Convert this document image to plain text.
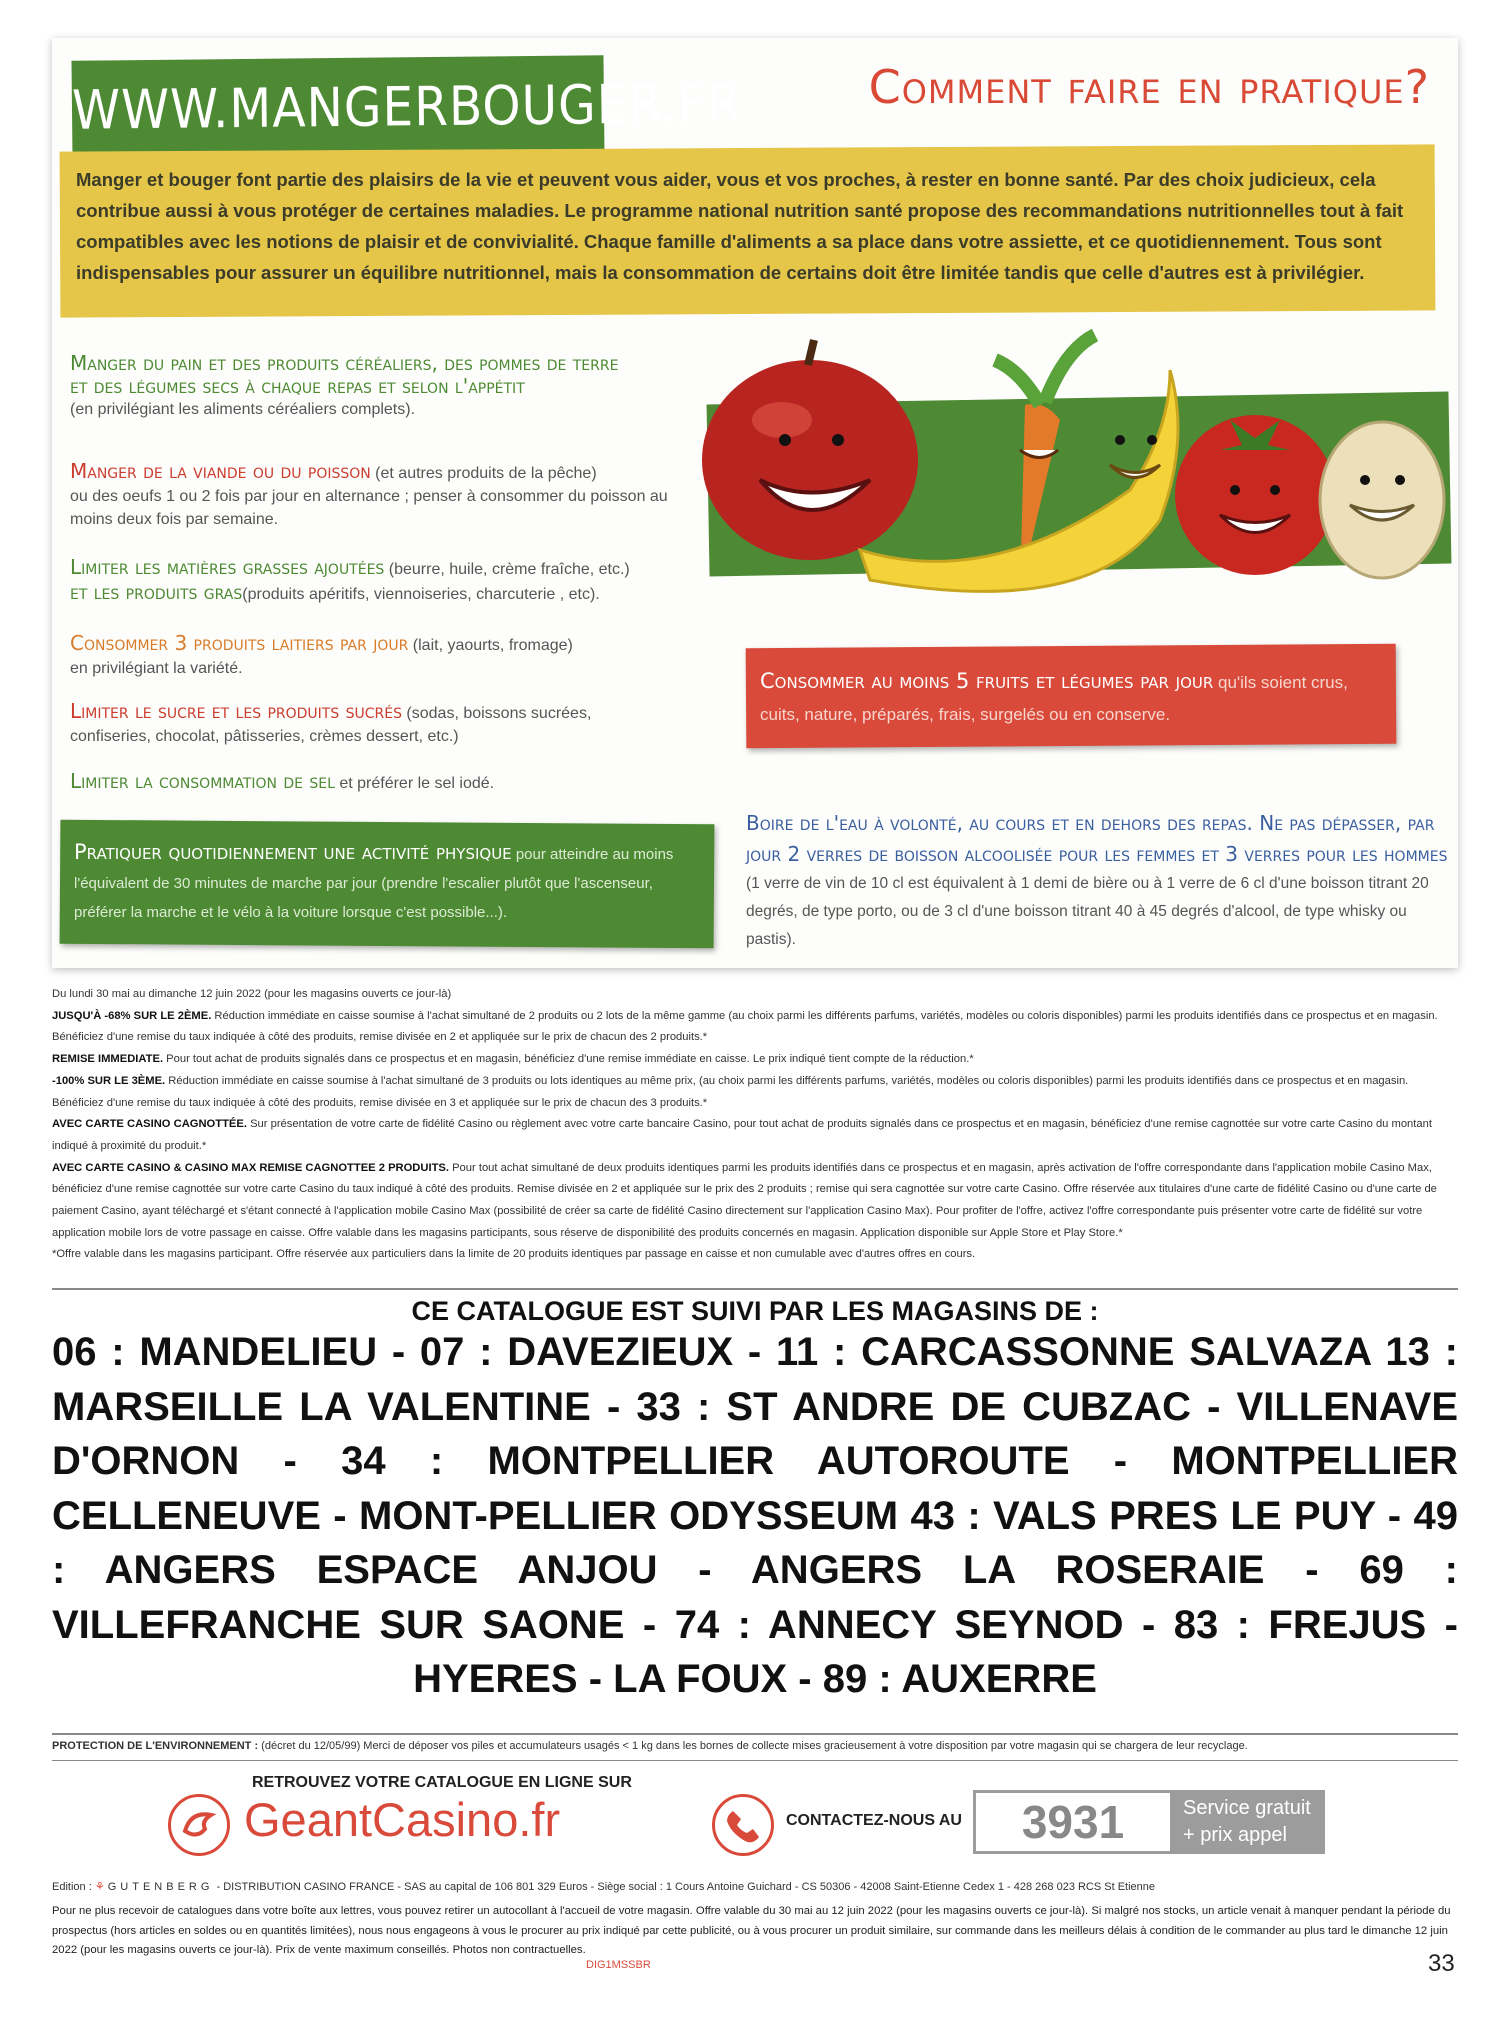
WWW.MANGERBOUGER.FR	Comment faire en pratique?
Manger et bouger font partie des plaisirs de la vie et peuvent vous aider, vous et vos proches, à rester en bonne santé. Par des choix judicieux, cela contribue aussi à vous protéger de certaines maladies. Le programme national nutrition santé propose des recommandations nutritionnelles tout à fait compatibles avec les notions de plaisir et de convivialité. Chaque famille d'aliments a sa place dans votre assiette, et ce quotidiennement. Tous sont indispensables pour assurer un équilibre nutritionnel, mais la consommation de certains doit être limitée tandis que celle d'autres est à privilégier.
Manger du pain et des produits céréaliers, des pommes de terre
et des légumes secs à chaque repas et selon l'appétit
(en privilégiant les aliments céréaliers complets).
Manger de la viande ou du poisson (et autres produits de la pêche)
ou des oeufs 1 ou 2 fois par jour en alternance ; penser à consommer du poisson au moins deux fois par semaine.
Limiter les matières grasses ajoutées (beurre, huile, crème fraîche, etc.)
et les produits gras(produits apéritifs, viennoiseries, charcuterie , etc).
Consommer 3 produits laitiers par jour (lait, yaourts, fromage)
en privilégiant la variété.
Limiter le sucre et les produits sucrés (sodas, boissons sucrées,
confiseries, chocolat, pâtisseries, crèmes dessert, etc.)
Limiter la consommation de sel et préférer le sel iodé.
Consommer au moins 5 fruits et légumes par jour qu'ils soient crus, cuits, nature, préparés, frais, surgelés ou en conserve.
Pratiquer quotidiennement une activité physique pour atteindre au moins l'équivalent de 30 minutes de marche par jour (prendre l'escalier plutôt que l'ascenseur, préférer la marche et le vélo à la voiture lorsque c'est possible...).
Boire de l'eau à volonté, au cours et en dehors des repas. Ne pas dépasser, par jour 2 verres de boisson alcoolisée pour les femmes et 3 verres pour les hommes
(1 verre de vin de 10 cl est équivalent à 1 demi de bière ou à 1 verre de 6 cl d'une boisson titrant 20 degrés, de type porto, ou de 3 cl d'une boisson titrant 40 à 45 degrés d'alcool, de type whisky ou pastis).
Du lundi 30 mai au dimanche 12 juin 2022 (pour les magasins ouverts ce jour-là)
JUSQU'À -68% SUR LE 2ÈME. Réduction immédiate en caisse soumise à l'achat simultané de 2 produits ou 2 lots de la même gamme (au choix parmi les différents parfums, variétés, modèles ou coloris disponibles) parmi les produits identifiés dans ce prospectus et en magasin. Bénéficiez d'une remise du taux indiquée à côté des produits, remise divisée en 2 et appliquée sur le prix de chacun des 2 produits.*
REMISE IMMEDIATE. Pour tout achat de produits signalés dans ce prospectus et en magasin, bénéficiez d'une remise immédiate en caisse. Le prix indiqué tient compte de la réduction.*
-100% SUR LE 3ÈME. Réduction immédiate en caisse soumise à l'achat simultané de 3 produits ou lots identiques au même prix, (au choix parmi les différents parfums, variétés, modèles ou coloris disponibles) parmi les produits identifiés dans ce prospectus et en magasin. Bénéficiez d'une remise du taux indiquée à côté des produits, remise divisée en 3 et appliquée sur le prix de chacun des 3 produits.*
AVEC CARTE CASINO CAGNOTTÉE. Sur présentation de votre carte de fidélité Casino ou règlement avec votre carte bancaire Casino, pour tout achat de produits signalés dans ce prospectus et en magasin, bénéficiez d'une remise cagnottée sur votre carte Casino du montant indiqué à proximité du produit.*
AVEC CARTE CASINO & CASINO MAX REMISE CAGNOTTEE 2 PRODUITS. Pour tout achat simultané de deux produits identiques parmi les produits identifiés dans ce prospectus et en magasin, après activation de l'offre correspondante dans l'application mobile Casino Max, bénéficiez d'une remise cagnottée sur votre carte Casino du taux indiqué à côté des produits. Remise divisée en 2 et appliquée sur le prix des 2 produits ; remise qui sera cagnottée sur votre carte Casino. Offre réservée aux titulaires d'une carte de fidélité Casino ou d'une carte de paiement Casino, ayant téléchargé et s'étant connecté à l'application mobile Casino Max (possibilité de créer sa carte de fidélité Casino directement sur l'application Casino Max). Pour profiter de l'offre, activez l'offre correspondante puis présenter votre carte de fidélité sur votre application mobile lors de votre passage en caisse. Offre valable dans les magasins participants, sous réserve de disponibilité des produits concernés en magasin. Application disponible sur Apple Store et Play Store.*
*Offre valable dans les magasins participant. Offre réservée aux particuliers dans la limite de 20 produits identiques par passage en caisse et non cumulable avec d'autres offres en cours.
CE CATALOGUE EST SUIVI PAR LES MAGASINS DE :
06 : MANDELIEU - 07 : DAVEZIEUX - 11 : CARCASSONNE SALVAZA 13 : MARSEILLE LA VALENTINE - 33 : ST ANDRE DE CUBZAC - VILLENAVE D'ORNON - 34 : MONTPELLIER AUTOROUTE - MONTPELLIER CELLENEUVE - MONT-PELLIER ODYSSEUM 43 : VALS PRES LE PUY - 49 : ANGERS ESPACE ANJOU - ANGERS LA ROSERAIE - 69 : VILLEFRANCHE SUR SAONE - 74 : ANNECY SEYNOD - 83 : FREJUS - HYERES - LA FOUX - 89 : AUXERRE
PROTECTION DE L'ENVIRONNEMENT : (décret du 12/05/99) Merci de déposer vos piles et accumulateurs usagés < 1 kg dans les bornes de collecte mises gracieusement à votre disposition par votre magasin qui se chargera de leur recyclage.
RETROUVEZ VOTRE CATALOGUE EN LIGNE SUR
GeantCasino.fr	CONTACTEZ-NOUS AU	3931	Service gratuit
+ prix appel
Edition : ⚘ GUTENBERG - DISTRIBUTION CASINO FRANCE - SAS au capital de 106 801 329 Euros - Siège social : 1 Cours Antoine Guichard - CS 50306 - 42008 Saint-Etienne Cedex 1 - 428 268 023 RCS St Etienne
Pour ne plus recevoir de catalogues dans votre boîte aux lettres, vous pouvez retirer un autocollant à l'accueil de votre magasin. Offre valable du 30 mai au 12 juin 2022 (pour les magasins ouverts ce jour-là). Si malgré nos stocks, un article venait à manquer pendant la période du prospectus (hors articles en soldes ou en quantités limitées), nous nous engageons à vous le procurer au prix indiqué par cette publicité, ou à vous procurer un produit similaire, sur commande dans les meilleurs délais à condition de le commander au plus tard le dimanche 12 juin 2022 (pour les magasins ouverts ce jour-là). Prix de vente maximum conseillés. Photos non contractuelles.
DIG1MSSBR	33
